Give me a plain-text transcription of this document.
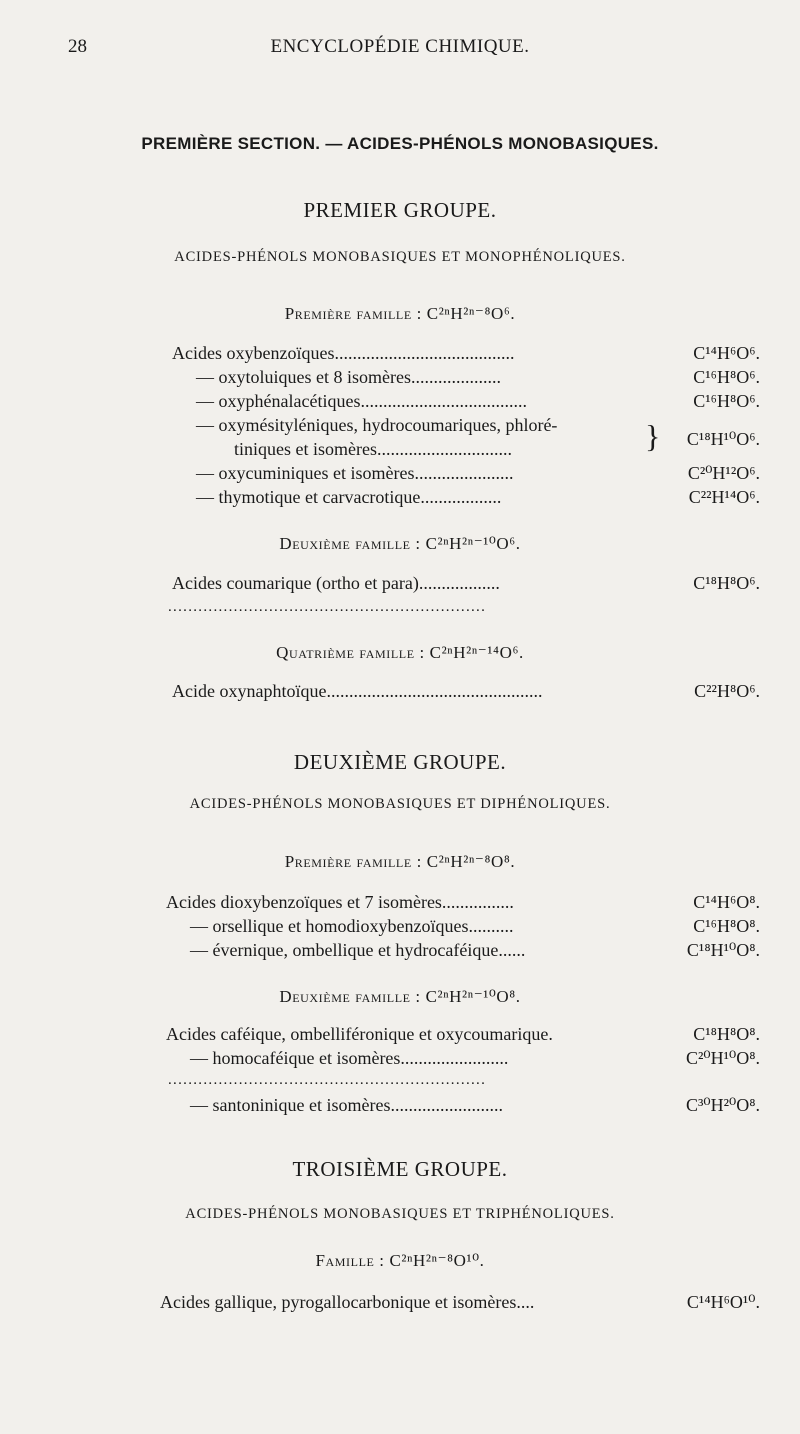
28	ENCYCLOPÉDIE CHIMIQUE.
PREMIÈRE SECTION. — ACIDES-PHÉNOLS MONOBASIQUES.
PREMIER GROUPE.
ACIDES-PHÉNOLS MONOBASIQUES ET MONOPHÉNOLIQUES.
Première famille : C²ⁿH²ⁿ⁻⁸O⁶.
Acides oxybenzoïques........................................	C¹⁴H⁶O⁶.
— oxytoluiques et 8 isomères....................	C¹⁶H⁸O⁶.
— oxyphénalacétiques.....................................	C¹⁶H⁸O⁶.
— oxymésityléniques, hydrocoumariques, phloré-	}
tiniques et isomères..............................	C¹⁸H¹⁰O⁶.
— oxycuminiques et isomères......................	C²⁰H¹²O⁶.
— thymotique et carvacrotique..................	C²²H¹⁴O⁶.
Deuxième famille : C²ⁿH²ⁿ⁻¹⁰O⁶.
Acides coumarique (ortho et para)..................	C¹⁸H⁸O⁶.
...............................................................
Quatrième famille : C²ⁿH²ⁿ⁻¹⁴O⁶.
Acide oxynaphtoïque................................................	C²²H⁸O⁶.
DEUXIÈME GROUPE.
ACIDES-PHÉNOLS MONOBASIQUES ET DIPHÉNOLIQUES.
Première famille : C²ⁿH²ⁿ⁻⁸O⁸.
Acides dioxybenzoïques et 7 isomères................	C¹⁴H⁶O⁸.
— orsellique et homodioxybenzoïques..........	C¹⁶H⁸O⁸.
— évernique, ombellique et hydrocaféique......	C¹⁸H¹⁰O⁸.
Deuxième famille : C²ⁿH²ⁿ⁻¹⁰O⁸.
Acides caféique, ombelliféronique et oxycoumarique.	C¹⁸H⁸O⁸.
— homocaféique et isomères........................	C²⁰H¹⁰O⁸.
...............................................................
— santoninique et isomères.........................	C³⁰H²⁰O⁸.
TROISIÈME GROUPE.
ACIDES-PHÉNOLS MONOBASIQUES ET TRIPHÉNOLIQUES.
Famille : C²ⁿH²ⁿ⁻⁸O¹⁰.
Acides gallique, pyrogallocarbonique et isomères....	C¹⁴H⁶O¹⁰.
